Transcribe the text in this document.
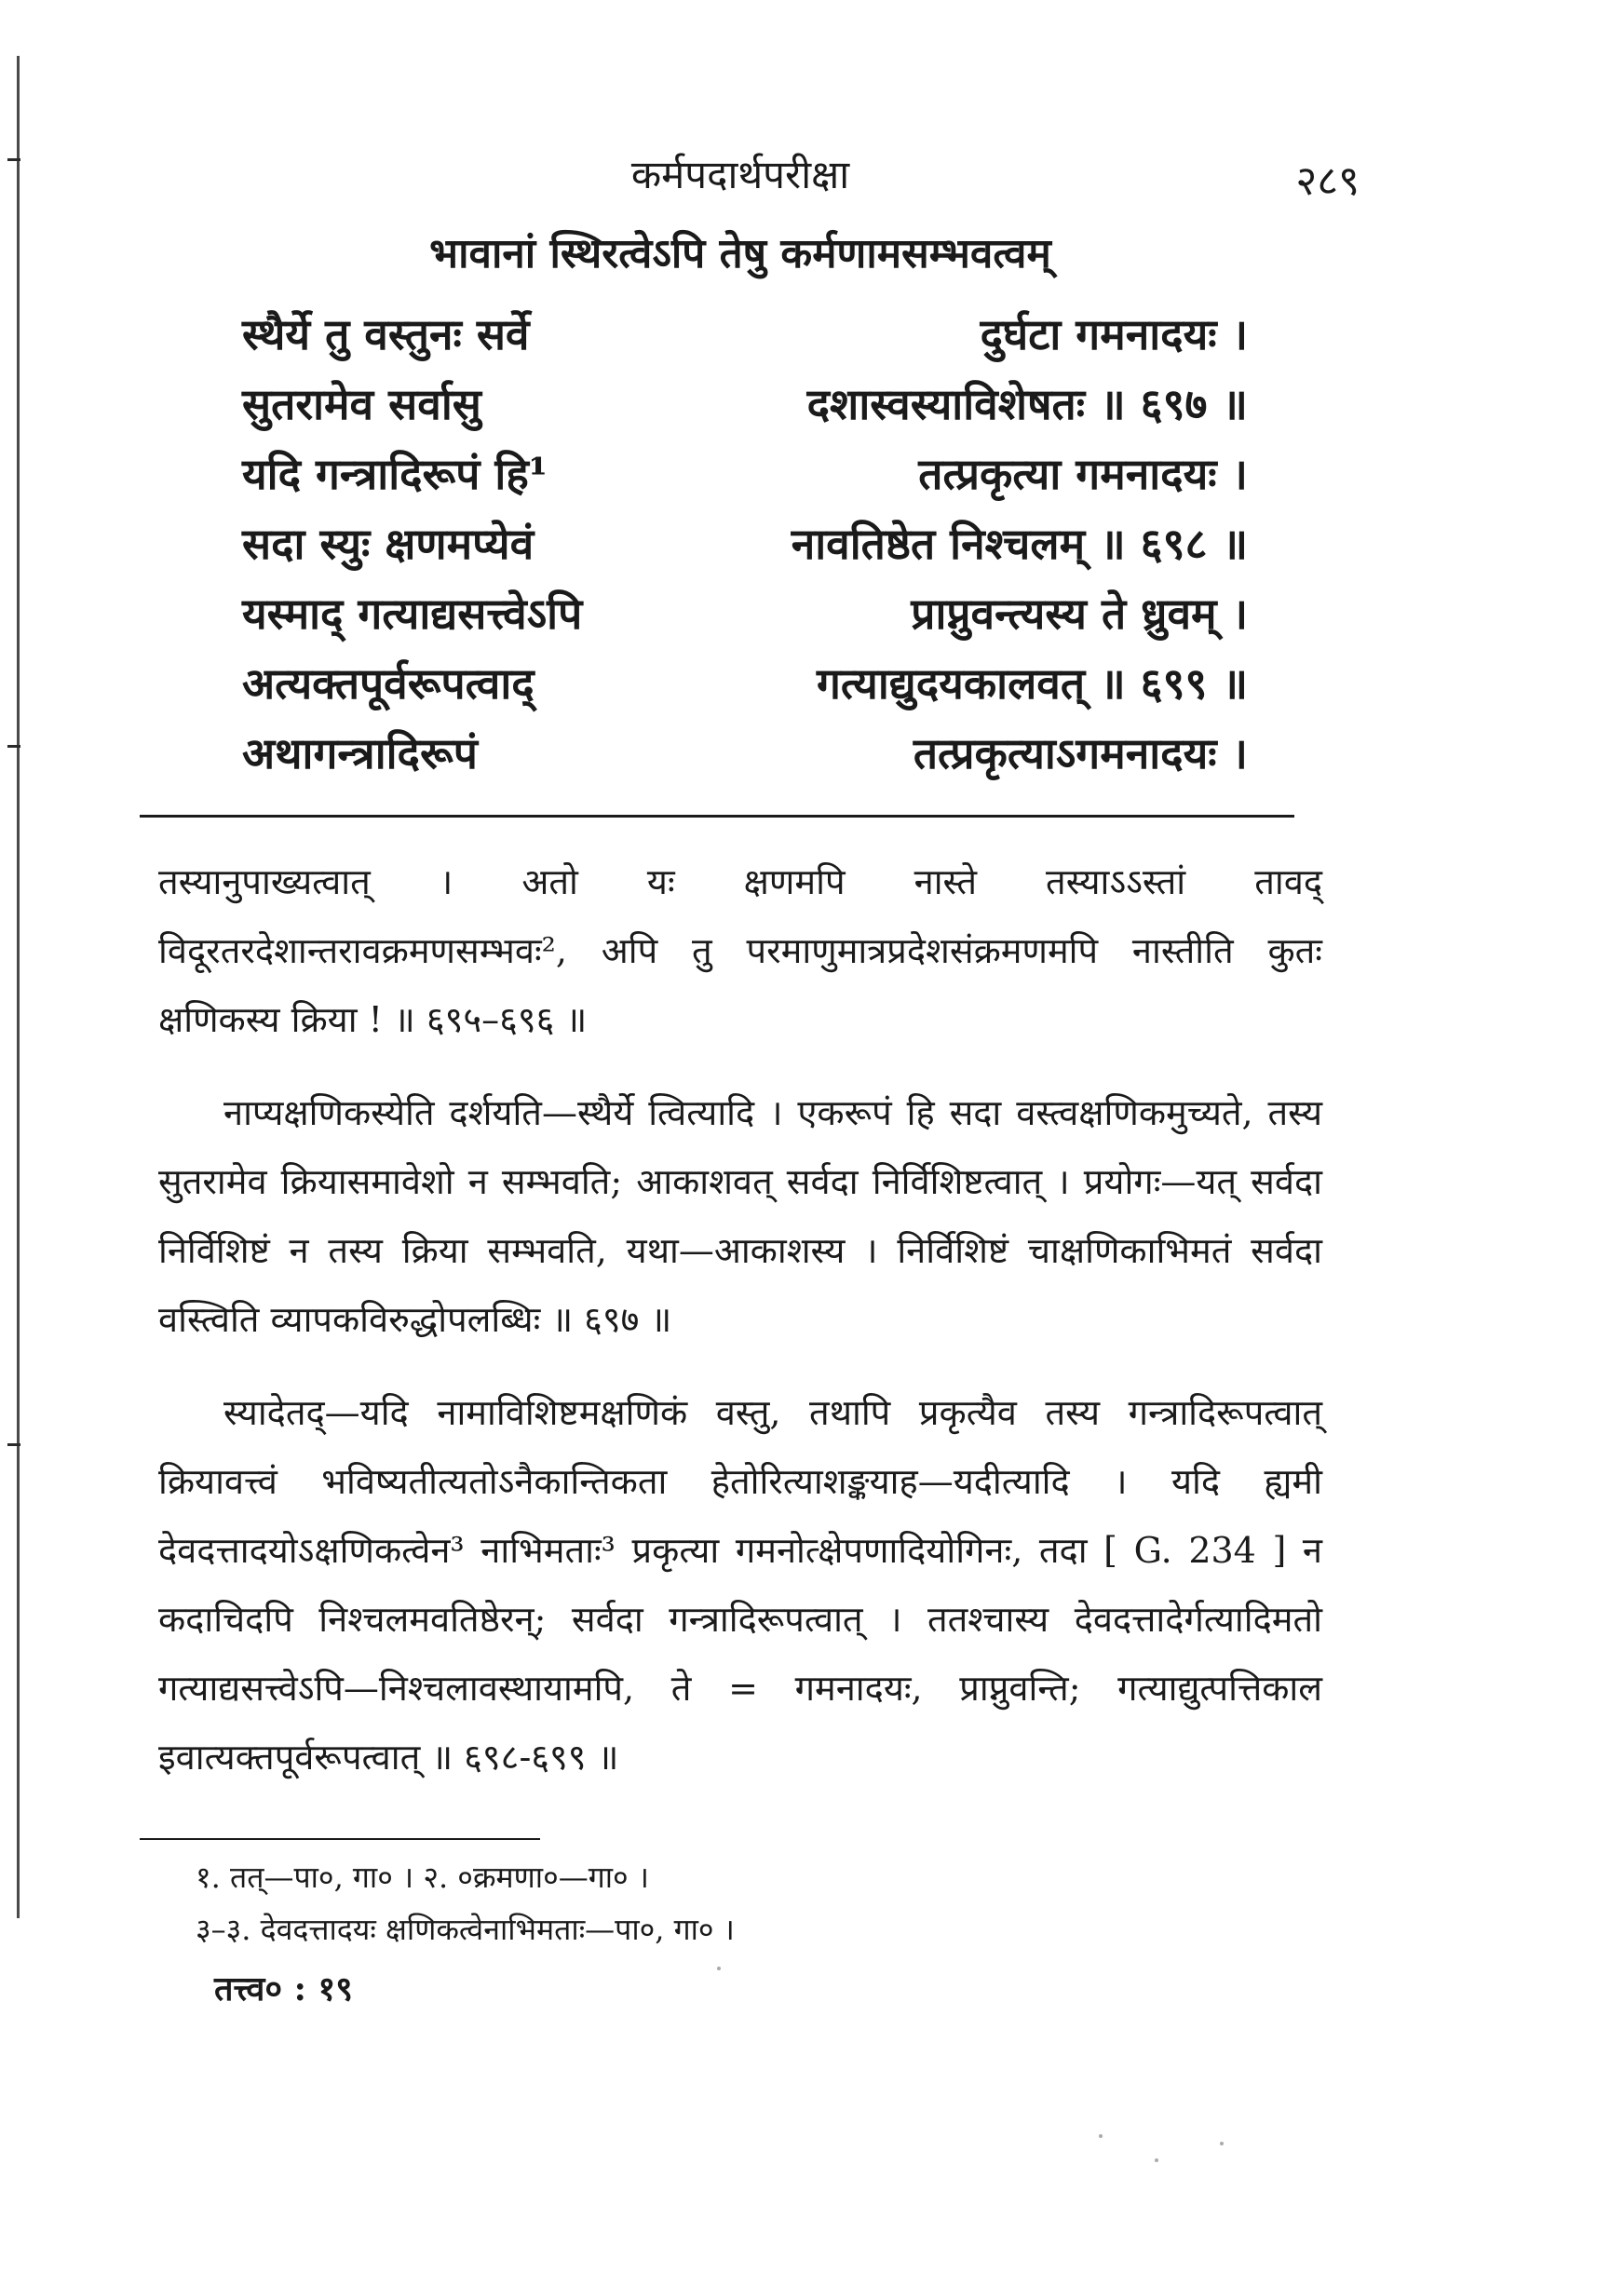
कर्मपदार्थपरीक्षा	२८९
भावानां स्थिरत्वेऽपि तेषु कर्मणामसम्भवत्वम्
स्थैर्ये तु वस्तुनः सर्वे	दुर्घटा गमनादयः ।
सुतरामेव सर्वासु	दशास्वस्याविशेषतः ॥ ६९७ ॥
यदि गन्त्रादिरूपं हि¹	तत्प्रकृत्या गमनादयः ।
सदा स्युः क्षणमप्येवं	नावतिष्ठेत निश्चलम् ॥ ६९८ ॥
यस्माद् गत्याद्यसत्त्वेऽपि	प्राप्नुवन्त्यस्य ते ध्रुवम् ।
अत्यक्तपूर्वरूपत्वाद्	गत्याद्युदयकालवत् ॥ ६९९ ॥
अथागन्त्रादिरूपं	तत्प्रकृत्याऽगमनादयः ।

तस्यानुपाख्यत्वात् । अतो यः क्षणमपि नास्ते तस्याऽऽस्तां तावद् विदूरतरदेशान्तरावक्रमणसम्भवः², अपि तु परमाणुमात्रप्रदेशसंक्रमणमपि नास्तीति कुतः क्षणिकस्य क्रिया ! ॥ ६९५–६९६ ॥

नाप्यक्षणिकस्येति दर्शयति—स्थैर्ये त्वित्यादि । एकरूपं हि सदा वस्त्वक्षणिकमुच्यते, तस्य सुतरामेव क्रियासमावेशो न सम्भवति; आकाशवत् सर्वदा निर्विशिष्टत्वात् । प्रयोगः—यत् सर्वदा निर्विशिष्टं न तस्य क्रिया सम्भवति, यथा—आकाशस्य । निर्विशिष्टं चाक्षणिकाभिमतं सर्वदा वस्त्विति व्यापकविरुद्धोपलब्धिः ॥ ६९७ ॥

स्यादेतद्—यदि नामाविशिष्टमक्षणिकं वस्तु, तथापि प्रकृत्यैव तस्य गन्त्रादिरूपत्वात् क्रियावत्त्वं भविष्यतीत्यतोऽनैकान्तिकता हेतोरित्याशङ्कयाह—यदीत्यादि । यदि ह्यमी देवदत्तादयोऽक्षणिकत्वेन³ नाभिमताः³ प्रकृत्या गमनोत्क्षेपणादियोगिनः, तदा [ G. 234 ] न कदाचिदपि निश्चलमवतिष्ठेरन्; सर्वदा गन्त्रादिरूपत्वात् । ततश्चास्य देवदत्तादेर्गत्यादिमतो गत्याद्यसत्त्वेऽपि—निश्चलावस्थायामपि, ते = गमनादयः, प्राप्नुवन्ति; गत्याद्युत्पत्तिकाल इवात्यक्तपूर्वरूपत्वात् ॥ ६९८-६९९ ॥

१. तत्—पा०, गा० । २. ०क्रमणा०—गा० ।
३–३. देवदत्तादयः क्षणिकत्वेनाभिमताः—पा०, गा० ।
तत्त्व० : १९
